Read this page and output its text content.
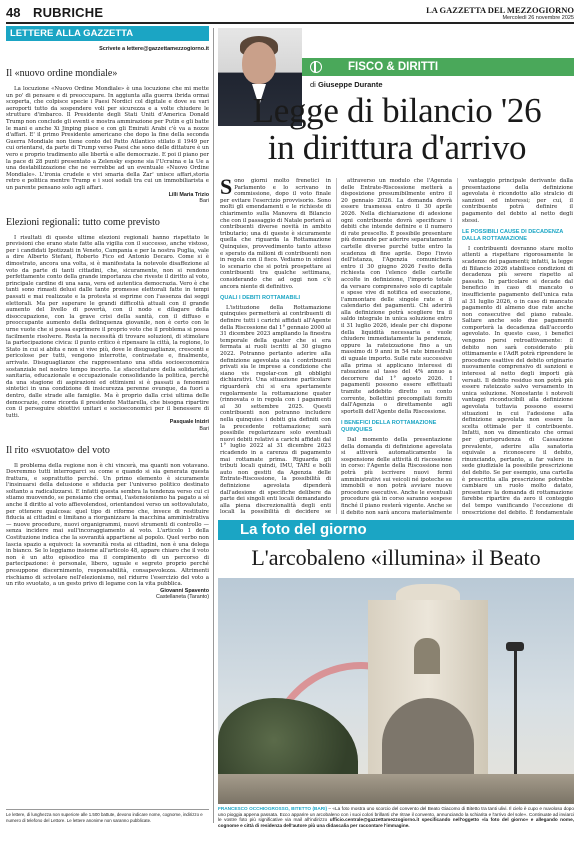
48 RUBRICHE	LA GAZZETTA DEL MEZZOGIORNO
Mercoledì 26 novembre 2025
LETTERE ALLA GAZZETTA
Scrivete a lettere@gazzettamezzogiorno.it
Il «nuovo ordine mondiale»

La locuzione «Nuovo Ordine Mondiale» è una locuzione che mi mette un po' di pensare e di preoccupare. In aggiunta alla guerra ibrida ormai scoperta, che colpisce specie i Paesi Nordici col digitale e dove su vari aeroporti tutto da sospendere voli per sicurezza e a volte chiudere le strutture d'imbarco. Il Presidente degli Stati Uniti d'America Donald Trump non conclude gli eventi e mostra ammirazione per Putin e gli batte le mani e anche Xi Jinping piace e con gli Emirati Arabi c'è va a nozze d'affari. E' il primo Presidente americano che dopo la fine della seconda Guerra Mondiale non tiene conto del Patto Atlantico stilato il 1949 per cui orientarsi, da parte di Trump verso Paesi che sono delle dittature è un vero e proprio tradimento alle libertà e alle democrazie. E poi il piano per la pace di 28 punti presentato a Zelensky espone sia l'Ucraina e la Ue a una destabilizzazione che ne verrebbe ad un eventuale «Nuovo Ordine Mondiale». L'ironia crudele e vivi smaria della Zar' unisce affari,storia retro e politica mentre Trump e i suoi sodali tra cui un immobiliarista e un parente pensano solo agli affari.

Lilli Maria Trizio
Bari
Elezioni regionali: tutto come previsto

I risultati di queste ultime elezioni regionali hanno rispettato le previsioni che erano state fatte alla vigilia con il successo, anche vistoso, per i candidati Ipotizzati in Veneto, Campania e per la nostra Puglia, vale a dire Alberto Stefani, Roberto Fico ed Antonio Decaro. Come si è dimostrato, ancora una volta, si è manifestata la notevole disaffezione al voto da parte di tanti cittadini, che, sicuramente, non si rendono perfettamente conto della grande importanza che riveste il diritto al voto, principale cardine di una sana, vera ed autentica democrazia. Vero è che tanti sono rimasti delusi dalle tante promesse elettorali fatte in tempi passati e mai realizzate e la protesta si esprime con l'assenza dai seggi elettorali. Ma per superare le grandi difficoltà attuali con il grande aumento del livello di povertà, con il nodo e dilagare della disoccupazione, con la grave crisi della sanità, con il diffuso e preoccupante aumento della delinquenza giovanile, non è certo con le urne vuote che si possa esprimere il proprio voto che il problema si possa facilmente risolvere. Resta la necessità di trovare soluzioni, di stimolare la partecipazione civica: il punto critico è ripensare la città, la regione, lo Stato in cui si abita e non si vive più, dove le disuguaglianze, crescenti e pericolose per tutti, vengono interrotte, contrastate e, finalmente, arrivate. Disuguaglianze che rappresentano una sfida socioeconomica sostanziale nel nostro tempo incerto. Le sfaccettature della solidarietà, sanitaria, educazionale e occupazionale consolidando la politica, perchè da una stagione di aspirazioni ed ottimismi si è passati a fenomeni sintetici in una condizione di insicurezza perenne ovunque, da fuori a dentro, dalle strade alle famiglie. Ma è proprio dalla crisi ultima delle democrazie, come ricorda il presidente Mattarella, che bisogna ripartire con il perseguire obiettivi unitari e socioeconomici per il benessere di tutti.

Pasquale Iniziri
Bari
Il rito «svuotato» del voto

Il problema della regione non è chi vincerà, ma quanti non votavano. Dovremmo tutti interrogarci su come e quando si sia generata questa frattura, e soprattutto perché. Un primo elemento è sicuramente l'insinuarsi della delusione e sfiducia per l'universo politico destinato soltanto a radicalizzarsi. E infatti questa sembra la tendenza verso cui ci stiamo muovendo, se pensiamo che ormai, l'astensionismo ha pagato a sé anche il diritto al voto affievolendosi, orientandosi verso un sottovalutato, per ottenere qualcosa: quel tipo di riforme che, invece di restituire fiducia ai cittadini e limitano a riorganizzare la macchina amministrativa — nuove procedure, nuovi organigrammi, nuovi strumenti di controllo — senza incidere mai sull'incoraggiamento al voto. L'articolo 1 della Costituzione indica che la sovranità appartiene al popolo. Quel verbo non lascia spazio a equivoci: la sovranità resta ai cittadini, non è una delega in bianco. Se lo leggiamo insieme all'articolo 48, appare chiaro che il voto non è un atto episodico ma il compimento di un percorso di partecipazione: è personale, libero, uguale e segreto proprio perché presuppone discernimento, responsabilità, consapevolezza. Altrimenti rischiamo di scivolare nell'elezionismo, nel ridurre l'esercizio del voto a un rito svuotato, a un gesto privo di legame con la vita pubblica.

Giovanni Spavento
Castellaneta (Taranto)
Le lettere, di lunghezza non superiore alle 1.500 battute, devono indicare nome, cognome, indirizzo e numero di telefono del Lettore. Le lettere anonime non saranno pubblicate.
FISCO & DIRITTI
di Giuseppe Durante
Legge di bilancio '26
in dirittura d'arrivo

Sono giorni molto frenetici in Parlamento e lo scrivano in commissione, dopo il voto finale per evitare l'esercizio provvisorio. Sono molti gli emendamenti e le richieste di chiarimento sulla Manovra di Bilancio che con il passaggio di Natale porterà ai contribuenti diverse novità in ambito tributario; una di queste è sicuramente quella che riguarda la Rottamazione Quinquies, provvedimento tanto atteso e sperato da milioni di contribuenti non in regola con il fisco. Vediamo in sintesi lo scenario che si potrà prospettare ai contribuenti tra qualche settimana, considerando che ad oggi non c'è ancora niente di definitivo.

QUALI I DEBITI ROTTAMABILI

L'istituzione della Rottamazione quinquies permetterà ai contribuenti di definire tutti i carichi affidati all'Agente della Riscossione dal 1° gennaio 2000 al 31 dicembre 2023 ampliando la finestra temporale della quater che si era fermata ai ruoli iscritti al 30 giugno 2022. Potranno pertanto aderire alla definizione agevolata sia i contribuenti privati sia le imprese a condizione che siano vis regolar-con gli obblighi dichiarativi. Una situazione particolare riguarderà chi si era spertamente regolarmente la rottamazione quater (rinnovata o in regola con i pagamenti al 30 settembre 2025. Questi contribuenti non potranno includere nella quinquies i debiti gia definiti con la precedente rottamazione; sarà possibile regolarizzare solo eventuali nuovi debiti relativi a carichi affidati dal 1° luglio 2022 al 31 dicembre 2023 ricadendo in a carenza di pagamento mai rottamate prima. Riguarda gli tributi locali quindi, IMU, TARI e bolli auto non gestiti da Agenzia delle Entrate-Riscossione, la possibilità di definizione agevolata dipenderà dall'adesione di specifiche delibere da parte dei singoli enti locali demandando alla piena discrezionalità degli enti locali la possibilità di decidere se

attraverso un modulo che l'Agenzia delle Entrate-Riscossione metterà a disposizione presumibilmente entro il 20 gennaio 2026. La domanda dovrà essere trasmessa entro il 30 aprile 2026. Nella dichiarazione di adesione ogni contribuente dovrà specificare i debiti che intende definire e il numero di rate prescelto. È possibile presentare più domande per aderire separatamente cartelle diverse purché tutte entro la scadenza di fine aprile. Dopo l'invio dell'istanza, l'Agenzia comunicherà entro il 30 giugno 2026 l'esito della richiesta con l'elenco delle cartelle accolte in definizione, l'importo totale da versare comprensivo solo di capitale e spese vive di notifica ed esecuzione, l'ammontare delle singole rate e il calendario dei pagamenti. Chi aderirà alla definizione potrà scegliere tra il saldo integrale in unica soluzione entro il 31 luglio 2026, ideale per chi dispone della liquidità necessaria e vuole chiudere immediatamente la pendenza, oppure la rateizzazione fino a un massimo di 9 anni in 54 rate bimestrali di uguale importo. Sulle rate successive alla prima si applicano interessi di rateazione al tasso del 4% annuo a decorrere dal 1° agosto 2026. I pagamenti possono essere effettuati tramite addebito diretto su conto corrente, bollettini precompilati forniti dall'Agenzia o direttamente agli sportelli dell'Agente della Riscossione.

I BENEFICI DELLA ROTTAMAZIONE QUINQUIES

Dal momento della presentazione della domanda di definizione agevolata si attiverà automaticamente la sospensione delle attività di riscossione in corso: l'Agente della Riscossione non potrà più iscrivere nuovi fermi amministrativi sui veicoli né ipoteche su immobili e non potrà avviare nuove procedure esecutive. Anche le eventuali procedure già in corso saranno sospese finché il piano resterà vigente. Anche se il debito non sarà ancora materialmente

vantaggio principale derivante dalla presentazione della definizione agevolata è ricondotto allo stralcio di sanzioni ed interessi; per cui, il contribuente potrà definire il pagamento del debito al netto degli stessi.

LE POSSIBILI CAUSE DI DECADENZA DALLA ROTTAMAZIONE

I contribuenti dovranno stare molto attenti a rispettare rigorosamente le scadenze dei pagamenti; infatti, la legge di Bilancio 2026 stabilisce condizioni di decadenza più severe rispetto al passato. In particolare si decade dal beneficio in caso di mancato o insufficiente pagamento dell'unica rata al 31 luglio 2026, o in caso di mancato pagamento di almeno due rate anche non consecutive del piano rateale. Saltare anche solo due pagamenti comporterà la decadenza dall'accordo agevolato. In questo caso, i benefici vengono persi retroattivamente: il debito non sarà considerato più ottimamente e l'AdR potrà riprendere le procedure esattive del debito originario nuovamente comprensivo di sanzioni e interessi al netto degli importi già versati. Il debito residuo non potrà più essere rateizzato salvo versamento in unica soluzione. Nonostante i notevoli vantaggi riconducibili alla definizione agevolata tuttavia possono essersi situazioni in cui l'adesione alla definizione agevolata non essere la scelta ottimale per il contribuente. Infatti, non va dimenticato che ormai per giurisprudenza di Cassazione prevalente, aderire alla sanatoria equivale a riconoscere il debito, rinunciando, pertanto, a far valere in sede giudiziale la possibile prescrizione del debito. Se per esempio, una cartella è prescritta alla prescrizione potrebbe cambiare un ruolo molto datato, presentare la domanda di rottamazione farebbe ripartire da zero il conteggio del tempo vanificando l'eccezione di prescrizione del debito. È fondamentale

La foto del giorno
L'arcobaleno «illumina» il Beato
FRANCESCO OCCHIOGROSSO, BITETTO (BARI) – «La foto mostra uno scorcio del convento del Beato Giacomo di Bitetto tra tanti ulivi. Il cielo è cupo e nuvoloso dopo uno pioggia appena passata. Ecco apparire un arcobaleno con i suoi colori brillanti che ritrae il convento, annunciando la schiarita e l'arrivo del sole». Continuate ad inviarci le vostre foto più significative via mail all'indirizzo ufficio.centrale@gazzettamezzogiorno.it specificando nell'oggetto «la foto del giorno» e allegando nome, cognome e città di residenza dell'autore più una didascalia per raccontare l'immagine.
